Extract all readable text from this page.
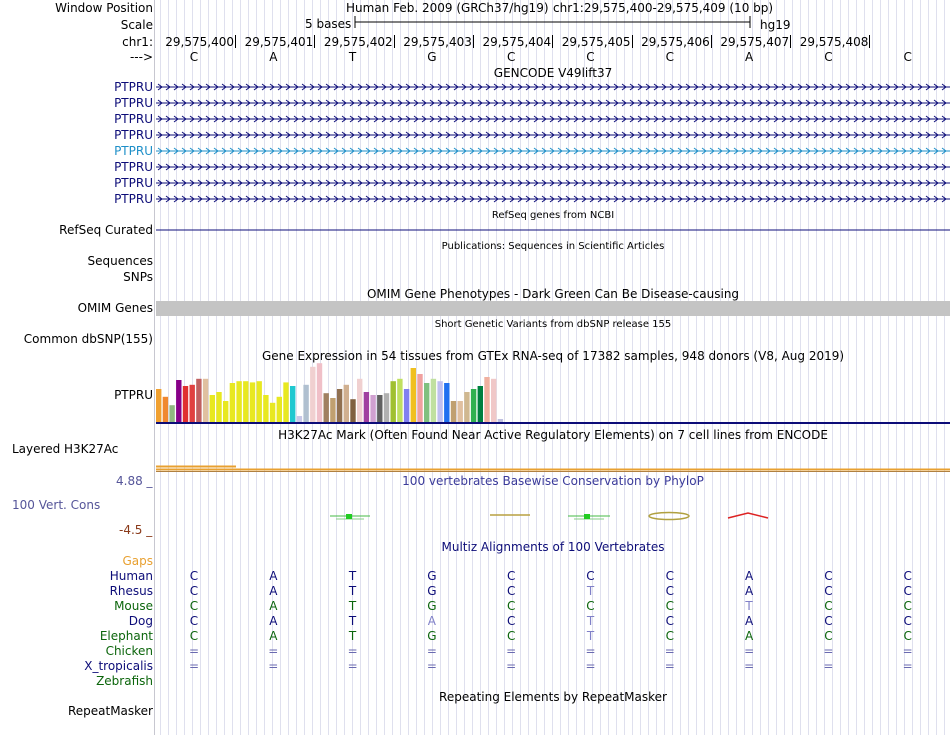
Window Position	Human Feb. 2009 (GRCh37/hg19) chr1:29,575,400-29,575,409 (10 bp)
Scale	5 bases	hg19
chr1: 29,575,400 29,575,401 29,575,402 29,575,403 29,575,404 29,575,405 29,575,406 29,575,407 29,575,408
--->	C	A	T	G	C	C	C	A	C	C
GENCODE V49lift37
PTPRU
PTPRU
PTPRU
PTPRU
PTPRU
PTPRU
PTPRU
PTPRU
RefSeq genes from NCBI
RefSeq Curated
Publications: Sequences in Scientific Articles
Sequences
SNPs
OMIM Gene Phenotypes - Dark Green Can Be Disease-causing
OMIM Genes
Short Genetic Variants from dbSNP release 155
Common dbSNP(155)
Gene Expression in 54 tissues from GTEx RNA-seq of 17382 samples, 948 donors (V8, Aug 2019)
PTPRU
H3K27Ac Mark (Often Found Near Active Regulatory Elements) on 7 cell lines from ENCODE
Layered H3K27Ac
4.88 _	100 vertebrates Basewise Conservation by PhyloP
100 Vert. Cons
-4.5 _
Multiz Alignments of 100 Vertebrates
Gaps
Human	C	A	T	G	C	C	C	A	C	C
Rhesus	C	A	T	G	C	T	C	A	C	C
Mouse	C	A	T	G	C	C	C	T	C	C
Dog	C	A	T	A	C	T	C	A	C	C
Elephant	C	A	T	G	C	T	C	A	C	C
Chicken	=	=	=	=	=	=	=	=	=	=
X_tropicalis	=	=	=	=	=	=	=	=	=	=
Zebrafish
Repeating Elements by RepeatMasker
RepeatMasker
